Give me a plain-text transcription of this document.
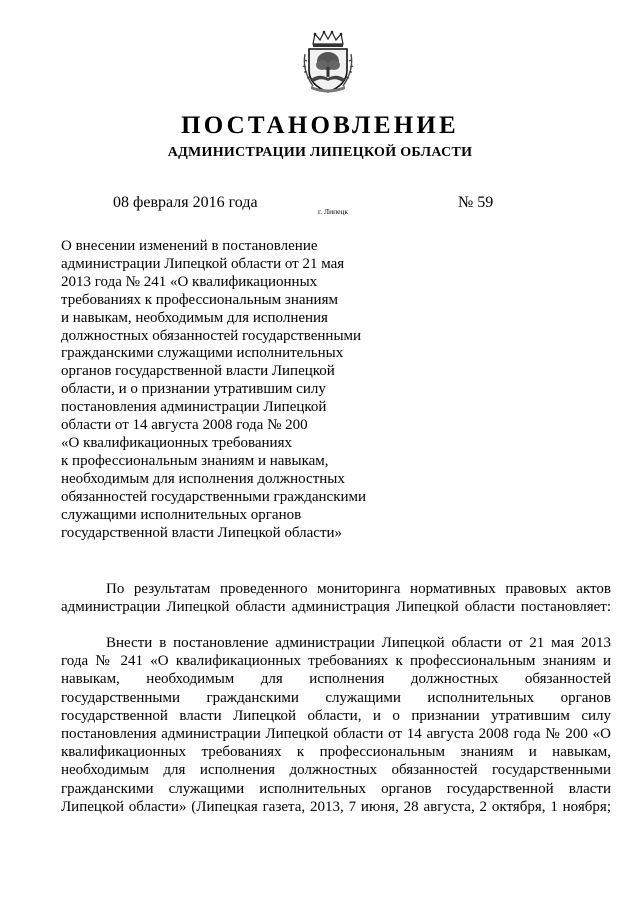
ПОСТАНОВЛЕНИЕ
АДМИНИСТРАЦИИ ЛИПЕЦКОЙ ОБЛАСТИ
08 февраля 2016 года
г. Липецк
№ 59
О внесении изменений в постановление
администрации Липецкой области от 21 мая
2013 года № 241 «О квалификационных
требованиях к профессиональным знаниям
и навыкам, необходимым для исполнения
должностных обязанностей государственными
гражданскими служащими исполнительных
органов государственной власти Липецкой
области, и о признании утратившим силу
постановления администрации Липецкой
области от 14 августа 2008 года № 200
«О квалификационных требованиях
к профессиональным знаниям и навыкам,
необходимым для исполнения должностных
обязанностей государственными гражданскими
служащими исполнительных органов
государственной власти Липецкой области»
По результатам проведенного мониторинга нормативных правовых актов
администрации Липецкой области администрация Липецкой области постановляет:
Внести в постановление администрации Липецкой области от 21 мая 2013
года № 241 «О квалификационных требованиях к профессиональным знаниям и
навыкам, необходимым для исполнения должностных обязанностей
государственными гражданскими служащими исполнительных органов
государственной власти Липецкой области, и о признании утратившим силу
постановления администрации Липецкой области от 14 августа 2008 года № 200 «О
квалификационных требованиях к профессиональным знаниям и навыкам,
необходимым для исполнения должностных обязанностей государственными
гражданскими служащими исполнительных органов государственной власти
Липецкой области» (Липецкая газета, 2013, 7 июня, 28 августа, 2 октября, 1 ноября;
